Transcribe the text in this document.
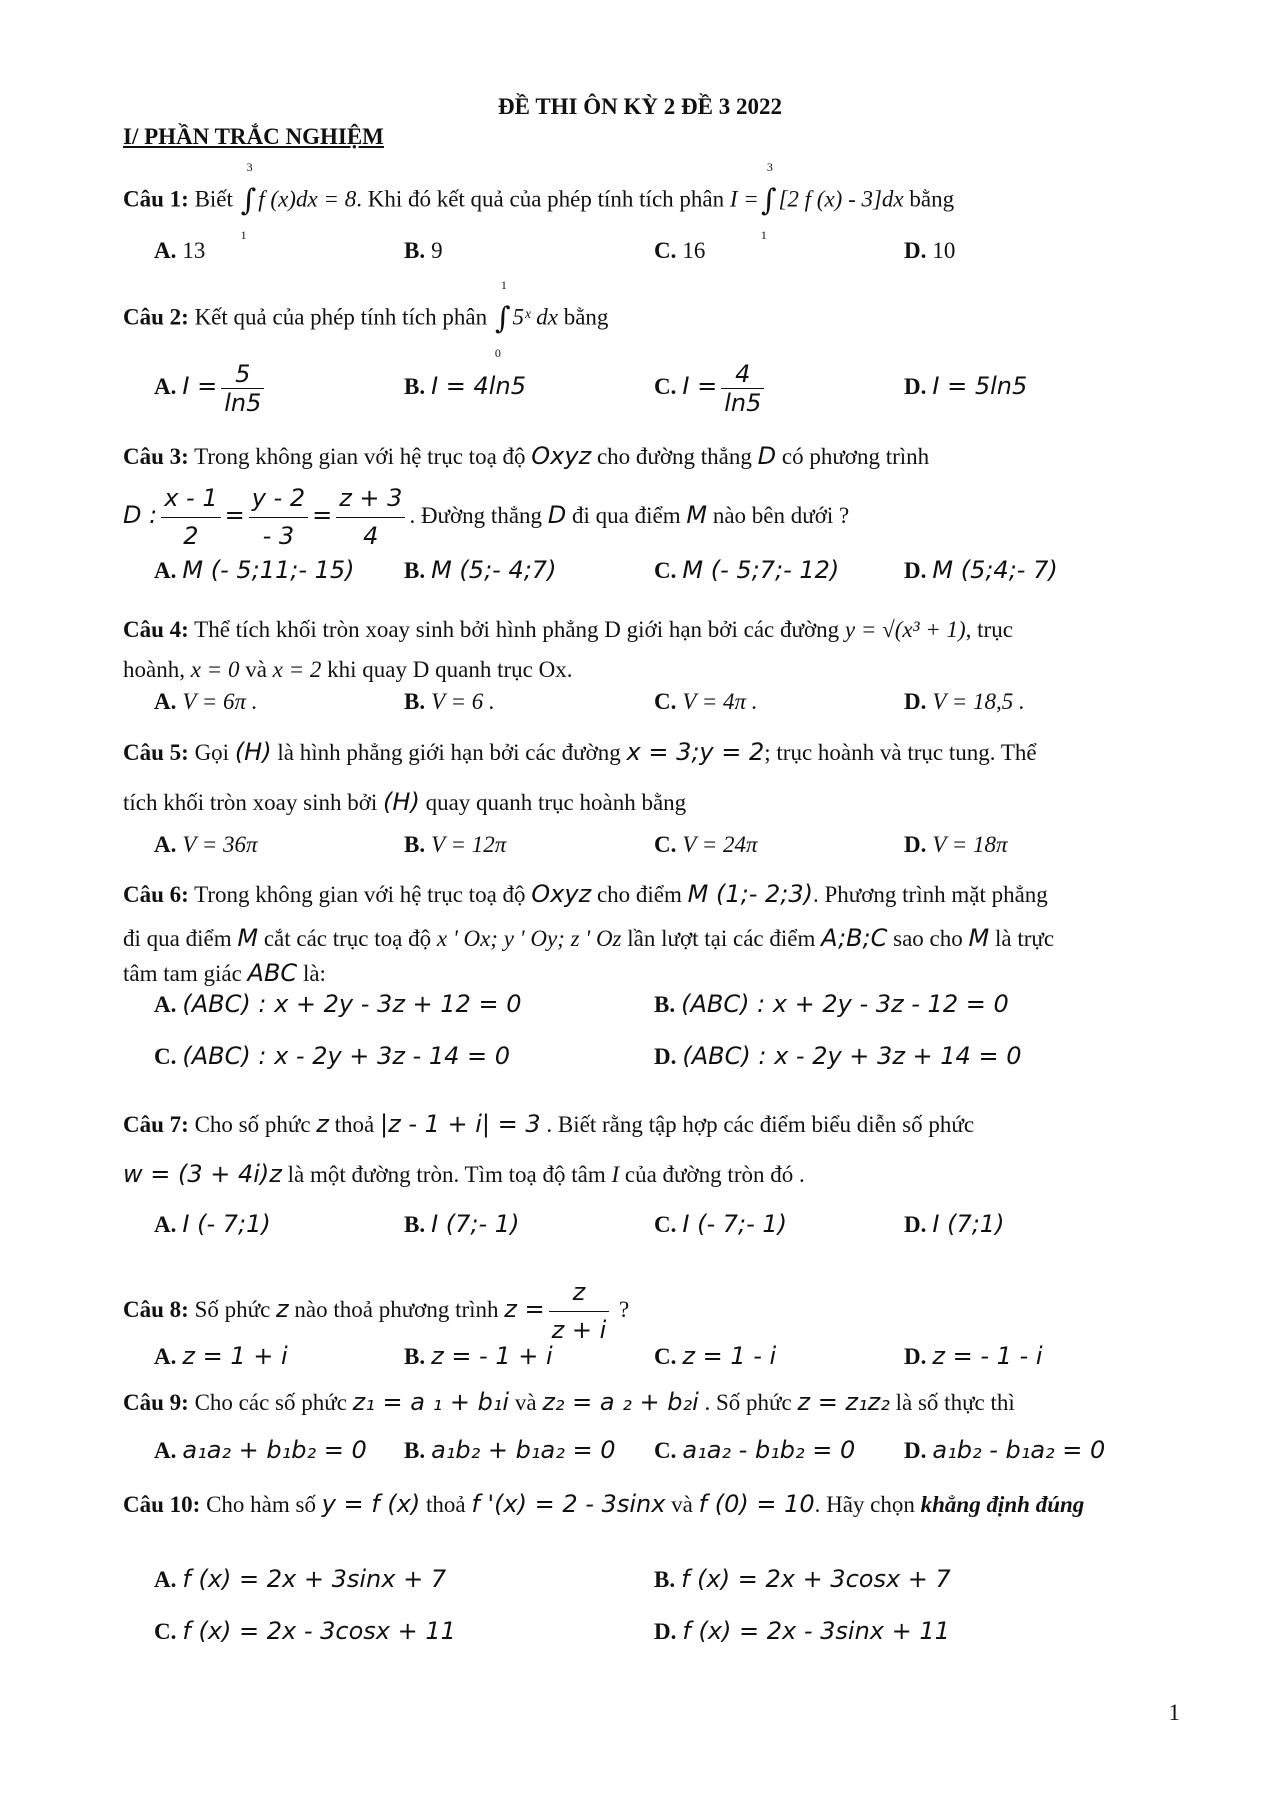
ĐỀ THI ÔN KỲ 2 ĐỀ 3 2022
I/ PHẦN TRẮC NGHIỆM
Câu 1: Biết ∫
3
1
f (x)dx = 8. Khi đó kết quả của phép tính tích phân I =∫
3
1
[2 f (x) - 3]dx bằng
A. 13	B. 9	C. 16	D. 10
Câu 2: Kết quả của phép tính tích phân ∫
1
0
5ˣ dx bằng
A. $I = \frac{5}{\ln 5}$	B. I = 4ln5	C. $I = \frac{4}{\ln 5}$	D. I = 5ln5
Câu 3: Trong không gian với hệ trục toạ độ Oxyz cho đường thẳng D có phương trình
D : $\frac{x - 1}{2} = \frac{y - 2}{- 3} = \frac{z + 3}{4}$ . Đường thẳng D đi qua điểm M nào bên dưới ?
A. M (- 5;11;- 15) B. M (5;- 4;7)	C. M (- 5;7;- 12)	D. M (5;4;- 7)
Câu 4: Thể tích khối tròn xoay sinh bởi hình phẳng D giới hạn bởi các đường y = √(x³ + 1), trục
hoành, x = 0 và x = 2 khi quay D quanh trục Ox.
A. V = 6π .	B. V = 6 .	C. V = 4π .	D. V = 18,5 .
Câu 5: Gọi (H) là hình phẳng giới hạn bởi các đường x = 3;y = 2; trục hoành và trục tung. Thể
tích khối tròn xoay sinh bởi (H) quay quanh trục hoành bằng
A. V = 36π	B. V = 12π	C. V = 24π	D. V = 18π
Câu 6: Trong không gian với hệ trục toạ độ Oxyz cho điểm M (1;- 2;3). Phương trình mặt phẳng
đi qua điểm M cắt các trục toạ độ x ' Ox; y ' Oy; z ' Oz lần lượt tại các điểm A;B;C sao cho M là trực
tâm tam giác ABC là:
A. (ABC) : x + 2y - 3z + 12 = 0	B. (ABC) : x + 2y - 3z - 12 = 0
C. (ABC) : x - 2y + 3z - 14 = 0	D. (ABC) : x - 2y + 3z + 14 = 0
Câu 7: Cho số phức z thoả |z - 1 + i| = 3 . Biết rằng tập hợp các điểm biểu diễn số phức
w = (3 + 4i)z là một đường tròn. Tìm toạ độ tâm I của đường tròn đó .
A. I (- 7;1)	B. I (7;- 1)	C. I (- 7;- 1)	D. I (7;1)
Câu 8: Số phức z nào thoả phương trình $z = \frac{z}{z + i}$ ?
A. z = 1 + i	B. z = - 1 + i	C. z = 1 - i	D. z = - 1 - i
Câu 9: Cho các số phức z₁ = a ₁ + b₁i và z₂ = a ₂ + b₂i . Số phức z = z₁z₂ là số thực thì
A. a₁a₂ + b₁b₂ = 0 B. a₁b₂ + b₁a₂ = 0 C. a₁a₂ - b₁b₂ = 0 D. a₁b₂ - b₁a₂ = 0
Câu 10: Cho hàm số y = f (x) thoả f '(x) = 2 - 3sinx và f (0) = 10. Hãy chọn khẳng định đúng
A. f (x) = 2x + 3sinx + 7	B. f (x) = 2x + 3cosx + 7
C. f (x) = 2x - 3cosx + 11	D. f (x) = 2x - 3sinx + 11
1
